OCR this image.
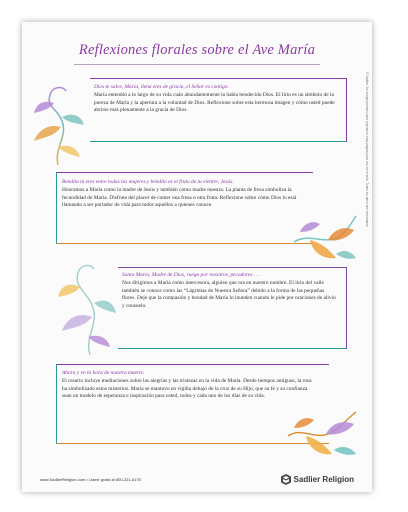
Reflexiones florales sobre el Ave María

Dios te salve, María, llena eres de gracia, el Señor es contigo.

María entendió a lo largo de su vida cuán abundantemente la había bendecido Dios. El lirio es un símbolo de la pureza de María y la apertura a la voluntad de Dios. Reflexione sobre esta hermosa imagen y cómo usted puede abrirse más plenamente a la gracia de Dios.

Bendita tú eres entre todas las mujeres y bendito es el fruto de tu vientre, Jesús.

Honramos a María como la madre de Jesús y también como madre nuestra. La planta de fresa simboliza la fecundidad de María. Disfrute del placer de comer una fresa u otra fruta. Reflexione sobre cómo Dios lo está llamando a ser portador de vida para todos aquellos a quienes conoce.

Santa María, Madre de Dios, ruega por nosotros, pecadores . . .

Nos dirigimos a María como intercesora, alguien que ora en nuestro nombre. El lirio del valle también se conoce como las “Lágrimas de Nuestra Señora” debido a la forma de las pequeñas flores. Deje que la compasión y bondad de María lo inunden cuando le pide por oraciones de alivio y consuelo.

Ahora y en la hora de nuestra muerte.

El rosario incluye mediaciones sobre las alegrías y las tristezas en la vida de María. Desde tiempos antiguos, la rosa ha simbolizado estos misterios. María se mantuvo en vigilia debajo de la cruz de su Hijo, que su fe y su confianza sean un modelo de esperanza e inspiración para usted, todos y cada uno de los días de su vida.

© Sadlier. Se otorga permiso para reproducir esta página para uso en el aula. Todos los derechos reservados.
www.SadlierReligion.com • Llame gratis al 800-221-5175	Sadlier Religion
